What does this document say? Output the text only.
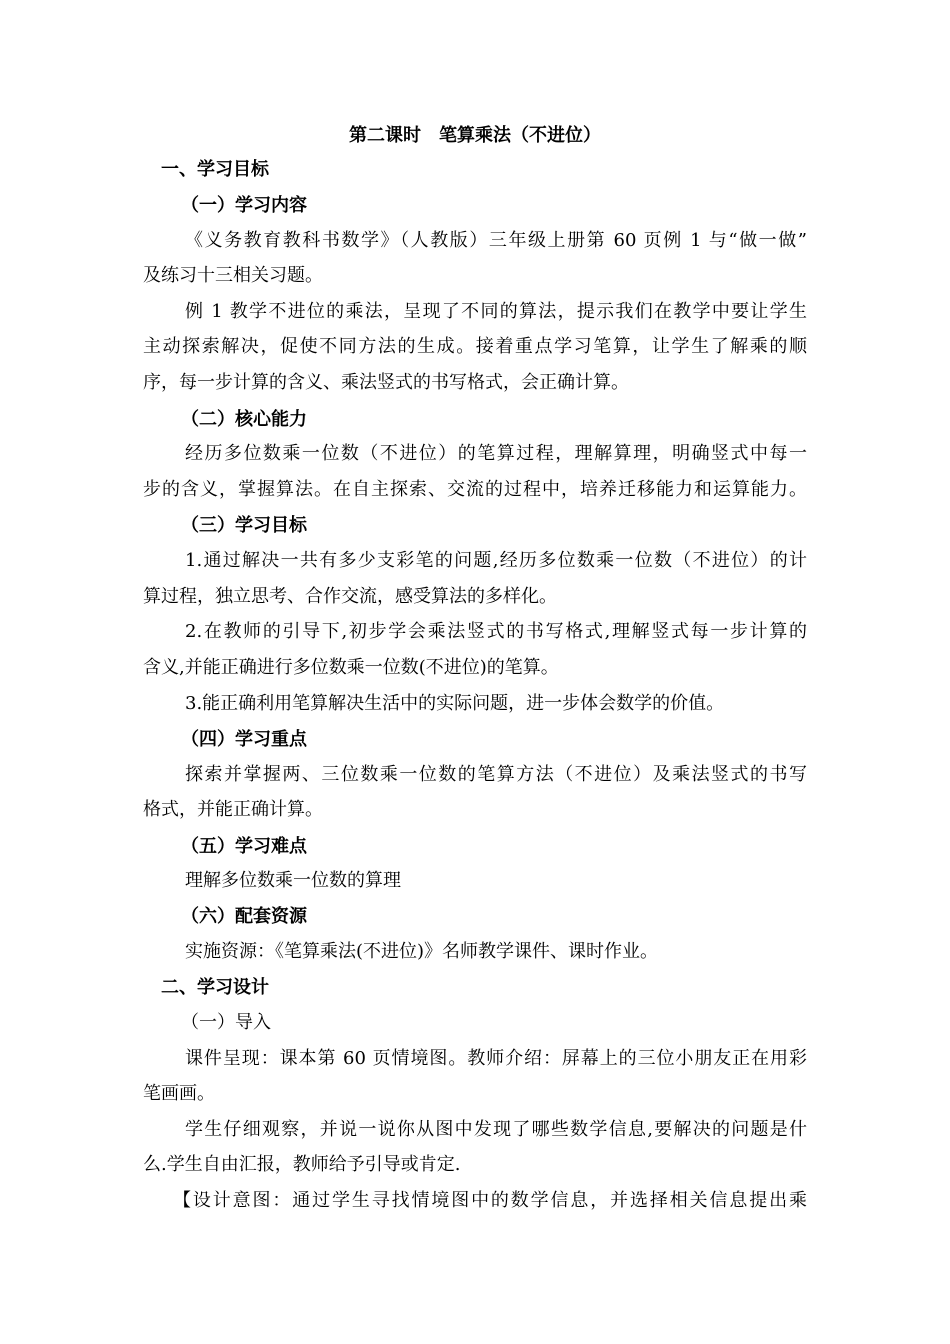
第二课时　笔算乘法（不进位）
一、学习目标
（一）学习内容
《义务教育教科书数学》（人教版）三年级上册第 60 页例 1 与“做一做”
及练习十三相关习题。
例 1 教学不进位的乘法，呈现了不同的算法，提示我们在教学中要让学生
主动探索解决，促使不同方法的生成。接着重点学习笔算，让学生了解乘的顺
序，每一步计算的含义、乘法竖式的书写格式，会正确计算。
（二）核心能力
经历多位数乘一位数（不进位）的笔算过程，理解算理，明确竖式中每一
步的含义，掌握算法。在自主探索、交流的过程中，培养迁移能力和运算能力。
（三）学习目标
1.通过解决一共有多少支彩笔的问题,经历多位数乘一位数（不进位）的计
算过程，独立思考、合作交流，感受算法的多样化。
2.在教师的引导下,初步学会乘法竖式的书写格式,理解竖式每一步计算的
含义,并能正确进行多位数乘一位数(不进位)的笔算。
3.能正确利用笔算解决生活中的实际问题，进一步体会数学的价值。
（四）学习重点
探索并掌握两、三位数乘一位数的笔算方法（不进位）及乘法竖式的书写
格式，并能正确计算。
（五）学习难点
理解多位数乘一位数的算理
（六）配套资源
实施资源：《笔算乘法(不进位)》名师教学课件、课时作业。
二、学习设计
（一）导入
课件呈现：课本第 60 页情境图。教师介绍：屏幕上的三位小朋友正在用彩
笔画画。
学生仔细观察，并说一说你从图中发现了哪些数学信息,要解决的问题是什
么.学生自由汇报，教师给予引导或肯定.
【设计意图：通过学生寻找情境图中的数学信息，并选择相关信息提出乘
